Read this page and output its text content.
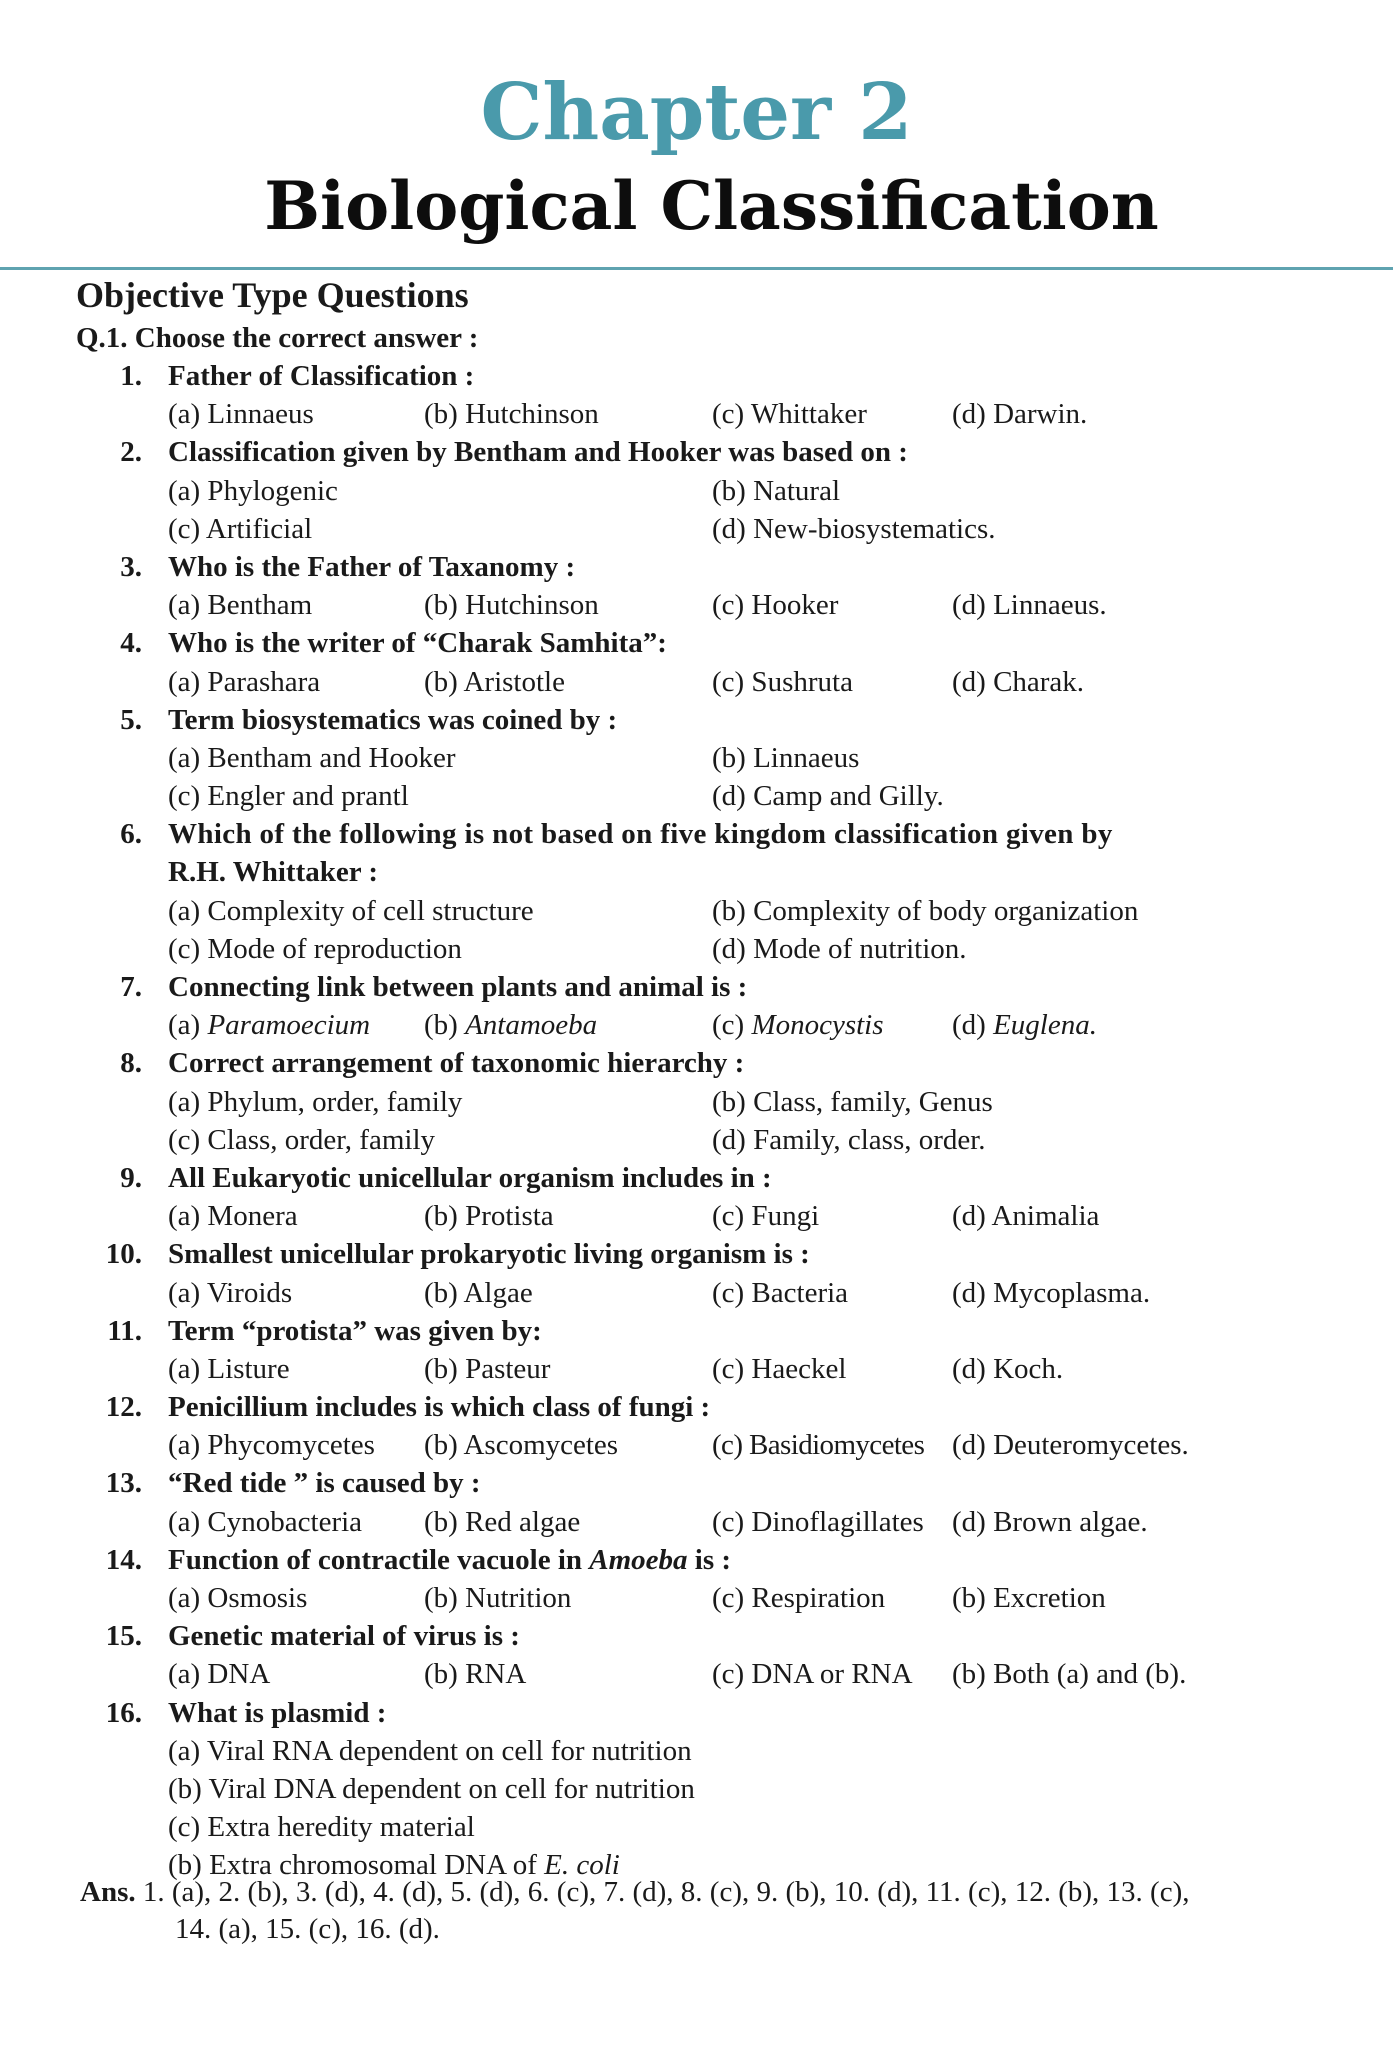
Chapter 2
Biological Classification
Objective Type Questions
Q.1. Choose the correct answer :
1. Father of Classification :
(a) Linnaeus	(b) Hutchinson	(c) Whittaker	(d) Darwin.
2. Classification given by Bentham and Hooker was based on :
(a) Phylogenic	(b) Natural
(c) Artificial	(d) New-biosystematics.
3. Who is the Father of Taxanomy :
(a) Bentham	(b) Hutchinson	(c) Hooker	(d) Linnaeus.
4. Who is the writer of “Charak Samhita”:
(a) Parashara	(b) Aristotle	(c) Sushruta	(d) Charak.
5. Term biosystematics was coined by :
(a) Bentham and Hooker	(b) Linnaeus
(c) Engler and prantl	(d) Camp and Gilly.
6. Which of the following is not based on five kingdom classification given by
R.H. Whittaker :
(a) Complexity of cell structure	(b) Complexity of body organization
(c) Mode of reproduction	(d) Mode of nutrition.
7. Connecting link between plants and animal is :
(a) Paramoecium (b) Antamoeba	(c) Monocystis (d) Euglena.
8. Correct arrangement of taxonomic hierarchy :
(a) Phylum, order, family	(b) Class, family, Genus
(c) Class, order, family	(d) Family, class, order.
9. All Eukaryotic unicellular organism includes in :
(a) Monera	(b) Protista	(c) Fungi	(d) Animalia
10. Smallest unicellular prokaryotic living organism is :
(a) Viroids	(b) Algae	(c) Bacteria	(d) Mycoplasma.
11. Term “protista” was given by:
(a) Listure	(b) Pasteur	(c) Haeckel	(d) Koch.
12. Penicillium includes is which class of fungi :
(a) Phycomycetes (b) Ascomycetes	(c) Basidiomycetes (d) Deuteromycetes.
13. “Red tide ” is caused by :
(a) Cynobacteria (b) Red algae	(c) Dinoflagillates (d) Brown algae.
14. Function of contractile vacuole in Amoeba is :
(a) Osmosis	(b) Nutrition	(c) Respiration (b) Excretion
15. Genetic material of virus is :
(a) DNA	(b) RNA	(c) DNA or RNA (b) Both (a) and (b).
16. What is plasmid :
(a) Viral RNA dependent on cell for nutrition
(b) Viral DNA dependent on cell for nutrition
(c) Extra heredity material
(b) Extra chromosomal DNA of E. coli
Ans. 1. (a), 2. (b), 3. (d), 4. (d), 5. (d), 6. (c), 7. (d), 8. (c), 9. (b), 10. (d), 11. (c), 12. (b), 13. (c),
14. (a), 15. (c), 16. (d).
